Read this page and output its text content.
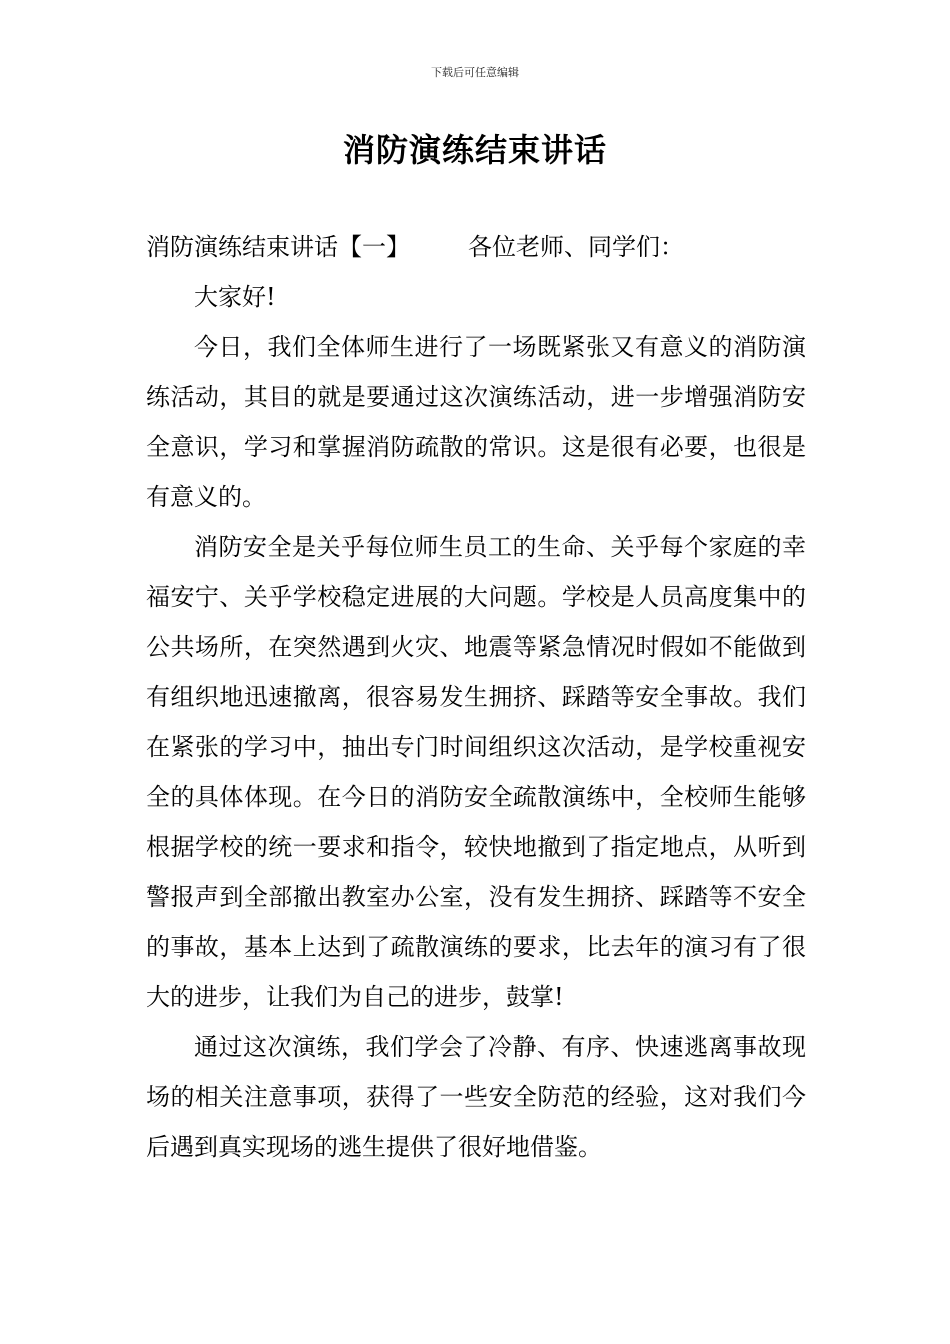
下载后可任意编辑
消防演练结束讲话

消防演练结束讲话【一】 各位老师、同学们：

大家好!

今日，我们全体师生进行了一场既紧张又有意义的消防演练活动，其目的就是要通过这次演练活动，进一步增强消防安全意识，学习和掌握消防疏散的常识。这是很有必要，也很是有意义的。

消防安全是关乎每位师生员工的生命、关乎每个家庭的幸福安宁、关乎学校稳定进展的大问题。学校是人员高度集中的公共场所，在突然遇到火灾、地震等紧急情况时假如不能做到有组织地迅速撤离，很容易发生拥挤、踩踏等安全事故。我们在紧张的学习中，抽出专门时间组织这次活动，是学校重视安全的具体体现。在今日的消防安全疏散演练中，全校师生能够根据学校的统一要求和指令，较快地撤到了指定地点，从听到警报声到全部撤出教室办公室，没有发生拥挤、踩踏等不安全的事故，基本上达到了疏散演练的要求，比去年的演习有了很大的进步，让我们为自己的进步，鼓掌!

通过这次演练，我们学会了冷静、有序、快速逃离事故现场的相关注意事项，获得了一些安全防范的经验，这对我们今后遇到真实现场的逃生提供了很好地借鉴。
